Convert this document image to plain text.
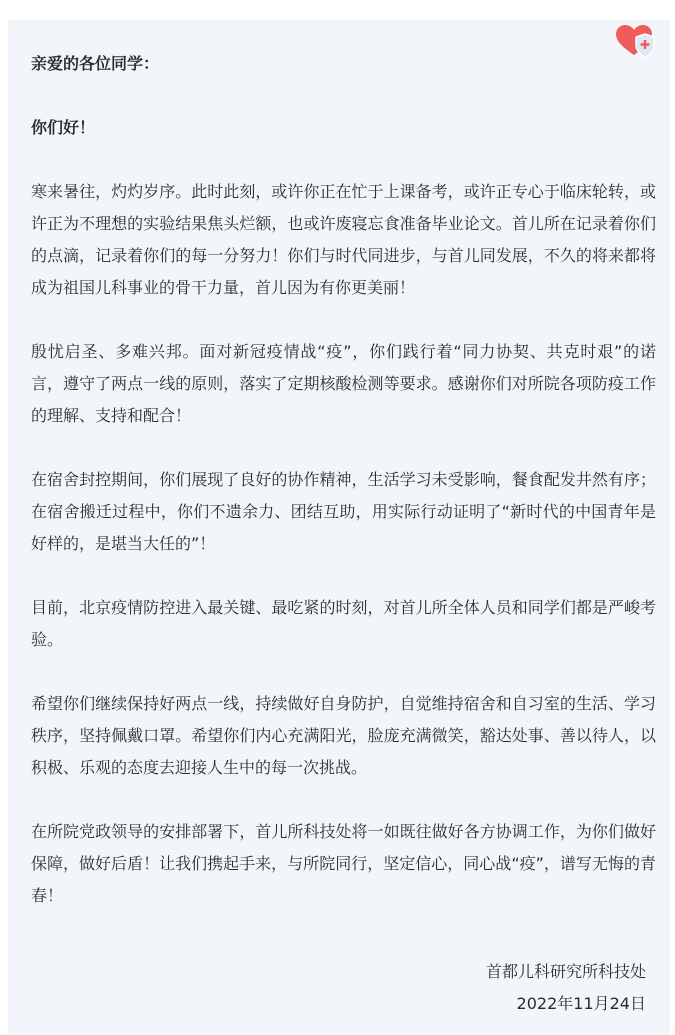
亲爱的各位同学：

你们好！

寒来暑往，灼灼岁序。此时此刻，或许你正在忙于上课备考，或许正专心于临床轮转，或许正为不理想的实验结果焦头烂额，也或许废寝忘食准备毕业论文。首儿所在记录着你们的点滴，记录着你们的每一分努力！你们与时代同进步，与首儿同发展，不久的将来都将成为祖国儿科事业的骨干力量，首儿因为有你更美丽！

殷忧启圣、多难兴邦。面对新冠疫情战“疫”，你们践行着“同力协契、共克时艰”的诺言，遵守了两点一线的原则，落实了定期核酸检测等要求。感谢你们对所院各项防疫工作的理解、支持和配合！

在宿舍封控期间，你们展现了良好的协作精神，生活学习未受影响，餐食配发井然有序；在宿舍搬迁过程中，你们不遗余力、团结互助，用实际行动证明了“新时代的中国青年是好样的，是堪当大任的”！

目前，北京疫情防控进入最关键、最吃紧的时刻，对首儿所全体人员和同学们都是严峻考验。

希望你们继续保持好两点一线，持续做好自身防护，自觉维持宿舍和自习室的生活、学习秩序，坚持佩戴口罩。希望你们内心充满阳光，脸庞充满微笑，豁达处事、善以待人，以积极、乐观的态度去迎接人生中的每一次挑战。

在所院党政领导的安排部署下，首儿所科技处将一如既往做好各方协调工作，为你们做好保障，做好后盾！让我们携起手来，与所院同行，坚定信心，同心战“疫”，谱写无悔的青春！

首都儿科研究所科技处
2022年11月24日
